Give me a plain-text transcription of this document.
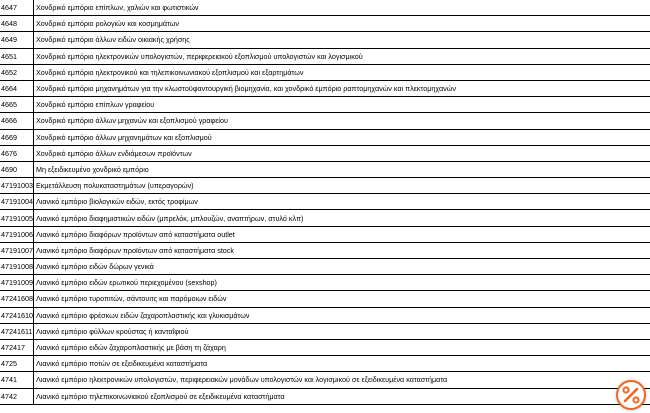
4647	Χονδρικό εμπόριο επίπλων, χαλιών και φωτιστικών
4648	Χονδρικό εμπόριο ρολογιών και κοσμημάτων
4649	Χονδρικό εμπόριο άλλων ειδών οικιακής χρήσης
4651	Χονδρικό εμπόριο ηλεκτρονικών υπολογιστών, περιφερειακού εξοπλισμού υπολογιστών και λογισμικού
4652	Χονδρικό εμπόριο ηλεκτρονικού και τηλεπικοινωνιακού εξοπλισμού και εξαρτημάτων
4664	Χονδρικό εμπόριο μηχανημάτων για την κλωστοϋφαντουργική βιομηχανία, και χονδρικό εμπόριο ραπτομηχανών και πλεκτομηχανών
4665	Χονδρικό εμπόριο επίπλων γραφείου
4666	Χονδρικό εμπόριο άλλων μηχανών και εξοπλισμού γραφείου
4669	Χονδρικό εμπόριο άλλων μηχανημάτων και εξοπλισμού
4676	Χονδρικό εμπόριο άλλων ενδιάμεσων προϊόντων
4690	Μη εξειδικευμένο χονδρικό εμπόριο
47191003	Εκμετάλλευση πολυκαταστημάτων (υπεραγορών)
47191004	Λιανικό εμπόριο βιολογικών ειδών, εκτός τροφίμων
47191005	Λιανικό εμπόριο διαφημιστικών ειδών (μπρελόκ, μπλουζών, αναπτήρων, στυλό κλπ)
47191006	Λιανικό εμπόριο διαφόρων προϊόντων από καταστήματα outlet
47191007	Λιανικό εμπόριο διαφόρων προϊόντων από καταστήματα stock
47191008	Λιανικό εμπόριο ειδών δώρων γενικά
47191009	Λιανικό εμπόριο ειδών ερωτικού περιεχομένου (sexshop)
47241608	Λιανικό εμπόριο τυροπιτών, σάντουιτς και παρόμοιων ειδών
47241610	Λιανικό εμπόριο φρέσκων ειδών ζαχαροπλαστικής και γλυκισμάτων
47241611	Λιανικό εμπόριο φύλλων κρούστας ή κανταΐφιού
472417	Λιανικό εμπόριο ειδών ζαχαροπλαστικής με βάση τη ζάχαρη
4725	Λιανικό εμπόριο ποτών σε εξειδικευμένα καταστήματα
4741	Λιανικό εμπόριο ηλεκτρονικών υπολογιστών, περιφερειακών μονάδων υπολογιστών και λογισμικού σε εξειδικευμένα καταστήματα
4742	Λιανικό εμπόριο τηλεπικοινωνιακού εξοπλισμού σε εξειδικευμένα καταστήματα
